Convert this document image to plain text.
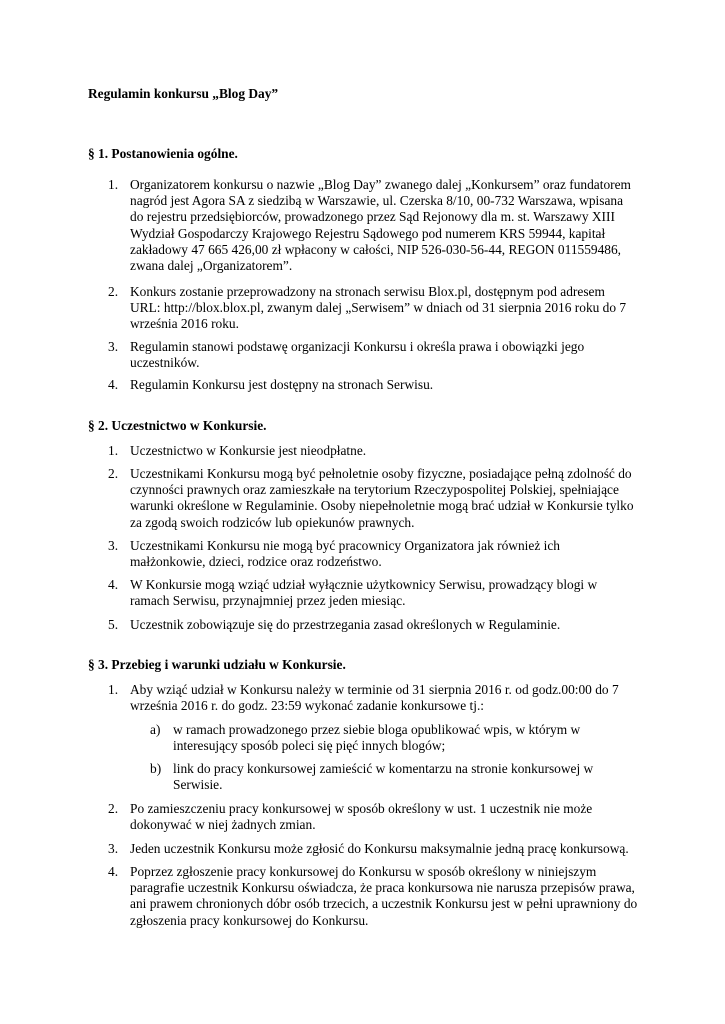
Regulamin konkursu „Blog Day”
§ 1. Postanowienia ogólne.
1. Organizatorem konkursu o nazwie „Blog Day” zwanego dalej „Konkursem” oraz fundatorem
nagród jest Agora SA z siedzibą w Warszawie, ul. Czerska 8/10, 00-732 Warszawa, wpisana
do rejestru przedsiębiorców, prowadzonego przez Sąd Rejonowy dla m. st. Warszawy XIII
Wydział Gospodarczy Krajowego Rejestru Sądowego pod numerem KRS 59944, kapitał
zakładowy 47 665 426,00 zł wpłacony w całości, NIP 526-030-56-44, REGON 011559486,
zwana dalej „Organizatorem”.
2. Konkurs zostanie przeprowadzony na stronach serwisu Blox.pl, dostępnym pod adresem
URL: http://blox.blox.pl, zwanym dalej „Serwisem” w dniach od 31 sierpnia 2016 roku do 7
września 2016 roku.
3. Regulamin stanowi podstawę organizacji Konkursu i określa prawa i obowiązki jego
uczestników.
4. Regulamin Konkursu jest dostępny na stronach Serwisu.
§ 2. Uczestnictwo w Konkursie.
1. Uczestnictwo w Konkursie jest nieodpłatne.
2. Uczestnikami Konkursu mogą być pełnoletnie osoby fizyczne, posiadające pełną zdolność do
czynności prawnych oraz zamieszkałe na terytorium Rzeczypospolitej Polskiej, spełniające
warunki określone w Regulaminie. Osoby niepełnoletnie mogą brać udział w Konkursie tylko
za zgodą swoich rodziców lub opiekunów prawnych.
3. Uczestnikami Konkursu nie mogą być pracownicy Organizatora jak również ich
małżonkowie, dzieci, rodzice oraz rodzeństwo.
4. W Konkursie mogą wziąć udział wyłącznie użytkownicy Serwisu, prowadzący blogi w
ramach Serwisu, przynajmniej przez jeden miesiąc.
5. Uczestnik zobowiązuje się do przestrzegania zasad określonych w Regulaminie.
§ 3. Przebieg i warunki udziału w Konkursie.
1. Aby wziąć udział w Konkursu należy w terminie od 31 sierpnia 2016 r. od godz.00:00 do 7
września 2016 r. do godz. 23:59 wykonać zadanie konkursowe tj.:
a) w ramach prowadzonego przez siebie bloga opublikować wpis, w którym w
interesujący sposób poleci się pięć innych blogów;
b) link do pracy konkursowej zamieścić w komentarzu na stronie konkursowej w
Serwisie.
2. Po zamieszczeniu pracy konkursowej w sposób określony w ust. 1 uczestnik nie może
dokonywać w niej żadnych zmian.
3. Jeden uczestnik Konkursu może zgłosić do Konkursu maksymalnie jedną pracę konkursową.
4. Poprzez zgłoszenie pracy konkursowej do Konkursu w sposób określony w niniejszym
paragrafie uczestnik Konkursu oświadcza, że praca konkursowa nie narusza przepisów prawa,
ani prawem chronionych dóbr osób trzecich, a uczestnik Konkursu jest w pełni uprawniony do
zgłoszenia pracy konkursowej do Konkursu.
